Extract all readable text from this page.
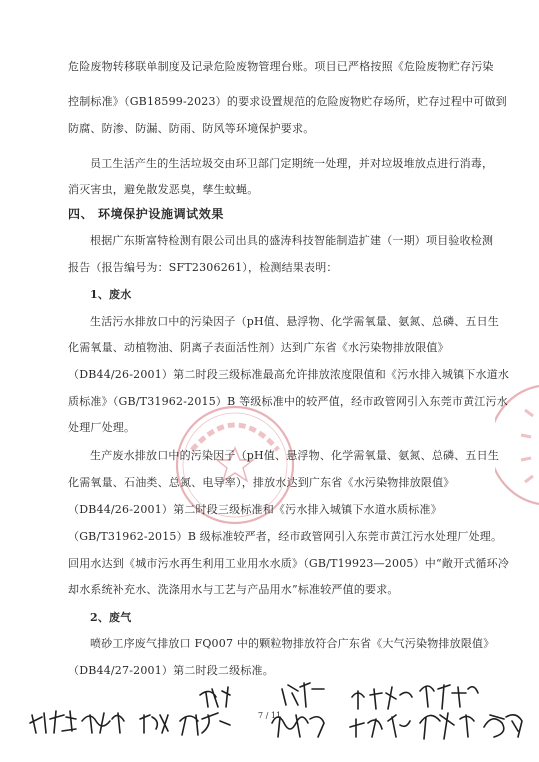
危险废物转移联单制度及记录危险废物管理台账。项目已严格按照《危险废物贮存污染
控制标准》（GB18599-2023）的要求设置规范的危险废物贮存场所，贮存过程中可做到
防腐、防渗、防漏、防雨、防风等环境保护要求。
员工生活产生的生活垃圾交由环卫部门定期统一处理，并对垃圾堆放点进行消毒，
消灭害虫，避免散发恶臭，孳生蚊蝇。
四、 环境保护设施调试效果
根据广东斯富特检测有限公司出具的盛涛科技智能制造扩建（一期）项目验收检测
报告（报告编号为：SFT2306261），检测结果表明：
1、废水
生活污水排放口中的污染因子（pH值、悬浮物、化学需氧量、氨氮、总磷、五日生
化需氧量、动植物油、阴离子表面活性剂）达到广东省《水污染物排放限值》
（DB44/26-2001）第二时段三级标准最高允许排放浓度限值和《污水排入城镇下水道水
质标准》（GB/T31962-2015）B 等级标准中的较严值，经市政管网引入东莞市黄江污水
处理厂处理。
生产废水排放口中的污染因子（pH值、悬浮物、化学需氧量、氨氮、总磷、五日生
化需氧量、石油类、总氮、电导率），排放水达到广东省《水污染物排放限值》
（DB44/26-2001）第二时段三级标准和《污水排入城镇下水道水质标准》
（GB/T31962-2015）B 级标准较严者，经市政管网引入东莞市黄江污水处理厂处理。
回用水达到《城市污水再生利用工业用水水质》（GB/T19923—2005）中“敞开式循环冷
却水系统补充水、洗涤用水与工艺与产品用水”标准较严值的要求。
2、废气
喷砂工序废气排放口 FQ007 中的颗粒物排放符合广东省《大气污染物排放限值》
（DB44/27-2001）第二时段二级标准。
7 / 11
